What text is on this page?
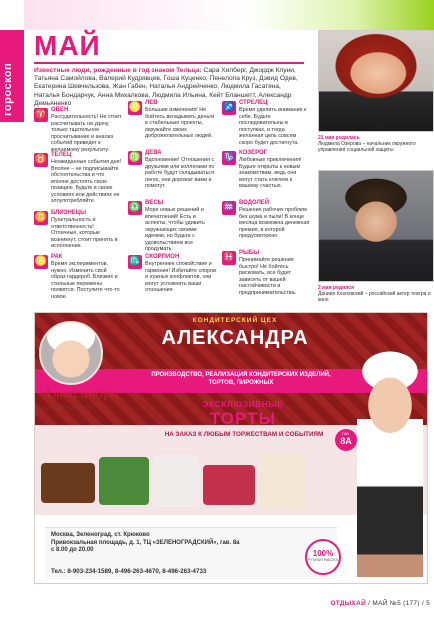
гороскоп
МАЙ
Известные люди, рожденные в год знаком Тельца: Сара Хилберг, Джордж Клуни, Татьяна Самойлова, Валерий Кудрявцев, Гоша Куценко, Пенелопа Круз, Дэвид Одев, Екатерина Шевчельзова, Жан Габен, Наталья Андрейченко, Людмила Гасатяна, Наталья Бондарчук, Анна Михалкова, Людмила Ильина, Кейт Бланшетт, Александр Демьяненко
♈ ОВЕН
Рассудительность! Не стоит рассчитывать на удачу, только тщательное просчитывание и анализ событий приведет к желаемому результату.
♉ ТЕЛЕЦ
Неожиданные события дня! Вполне – не подписывайте обстоятельства и что вполне достоять свою позицию. Будьте в своих условиях или действиях не злоупотребляйте.
♊ БЛИЗНЕЦЫ
Пунктуальность и ответственность! Отличные, которые возникнут, стоит принять в исполнение.
♋ РАК
Время экспериментов, нужно. Изменить свой образ гардероб. Близких и стильные перемены появятся. Поступите что-то новое.
♌ ЛЕВ
Большие изменения! Не бойтесь вкладывать деньги в стабильные проекты, окружайте своих доброжелательных людей.
♍ ДЕВА
Вдохновение! Отношения с друзьями или коллегами по работе будут складываться легко, они дорожат вами и помогут.
♎ ВЕСЫ
Море новых решений и впечатлений! Есть и аспекты, чтобы удивить окружающих своими идеями, но будьте с удовольствием все продумать.
♏ СКОРПИОН
Внутреннее спокойствие и гармония! Избегайте споров и нужных конфликтов, они могут усложнить ваши отношения.
♐ СТРЕЛЕЦ
Время уделить внимание к себе. Будьте последовательны в поступках, и тогда желанная цель совсем скоро будет достигнута.
♑ КОЗЕРОГ
Любовные приключения! Будьте открыты к новым знакомствам, ведь они могут стать ключом к вашему счастью.
♒ ВОДОЛЕЙ
Решение рабочих проблем без шума и пыли! В конце месяца возможна денежная премия, в которой предусмотрено.
♓ РЫБЫ
Принимайте решения быстро! Не бойтесь рисковать, все будет зависеть от вашей настойчивости и предпринимательства.
21 мая родилась
Людмила Озерова – начальник окружного управления социальной защиты
2 мая родился
Даниил Козловский – российский актер театра и кино
КОНДИТЕРСКИЙ ЦЕХ
АЛЕКСАНДРА
ПРОИЗВОДСТВО, РЕАЛИЗАЦИЯ КОНДИТЕРСКИХ ИЗДЕЛИЙ,
ТОРТОВ, ПИРОЖНЫХ
Александра
КОНДИТЕРСКИЙ ЦЕХ	ЭКСКЛЮЗИВНЫЕ
ТОРТЫ
НА ЗАКАЗ К ЛЮБЫМ ТОРЖЕСТВАМ И СОБЫТИЯМ	ГАВ.
8А
Москва, Зеленоград, ст. Крюково
Привокзальная площадь, д. 1, ТЦ «ЗЕЛЕНОГРАДСКИЙ», гав. 8а
с 8.00 до 20.00
Тел.: 8-903-234-1589, 8-496-263-4670, 8-496-263-4733
100%
РУЧНАЯ РАБОТА
ОТДЫХАЙ / МАЙ №5 (177) / 5
